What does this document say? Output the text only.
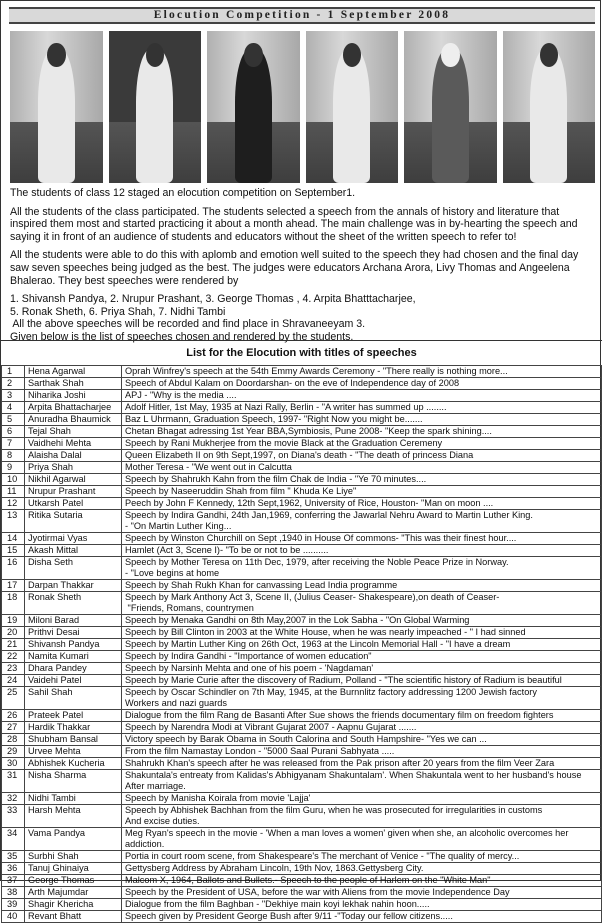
Elocution Competition - 1 September 2008

The students of class 12 staged an elocution competition on September1.

All the students of the class participated. The students selected a speech from the annals of history and literature that inspired them most and started practicing it about a month ahead. The main challenge was in by-hearting the speech and saying it in front of an audience of students and educators without the sheet of the written speech to refer to!

All the students were able to do this with aplomb and emotion well suited to the speech they had chosen and the final day saw seven speeches being judged as the best. The judges were educators Archana Arora, Livy Thomas and Angeelena Bhalerao. They best speeches were rendered by

1. Shivansh Pandya, 2. Nrupur Prashant, 3. George Thomas , 4. Arpita Bhatttacharjee,

5. Ronak Sheth, 6. Priya Shah, 7. Nidhi Tambi

All the above speeches will be recorded and find place in Shravaneeyam 3.

Given below is the list of speeches chosen and rendered by the students.

List for the Elocution with titles of speeches
1	Hena Agarwal	Oprah Winfrey's speech at the 54th Emmy Awards Ceremony - "There really is nothing more...

2	Sarthak Shah	Speech of Abdul Kalam on Doordarshan- on the eve of Independence day of 2008

3	Niharika Joshi	APJ - "Why is the media ....

4	Arpita Bhattacharjee	Adolf Hitler, 1st May, 1935 at Nazi Rally, Berlin - "A writer has summed up ........

5	Anuradha Bhaumick	Baz L Uhrmann, Graduation Speech, 1997- "Right Now you might be.......

6	Tejal Shah	Chetan Bhagat adressing 1st Year BBA,Symbiosis, Pune 2008- "Keep the spark shining....

7	Vaidhehi Mehta	Speech by Rani Mukherjee from the movie Black at the Graduation Ceremeny

8	Alaisha Dalal	Queen Elizabeth II on 9th Sept,1997, on Diana's death - "The death of princess Diana

9	Priya Shah	Mother Teresa - "We went out in Calcutta

10	Nikhil Agarwal	Speech by Shahrukh Kahn from the film Chak de India - "Ye 70 minutes....

11	Nrupur Prashant	Speech by Naseeruddin Shah from film " Khuda Ke Liye"

12	Utkarsh Patel	Peech by John F Kennedy, 12th Sept,1962, University of Rice, Houston- "Man on moon ....

13	Ritika Sutaria	Speech by Indira Gandhi, 24th Jan,1969, conferring the Jawarlal Nehru Award to Martin Luther King.
- "On Martin Luther King...

14	Jyotirmai Vyas	Speech by Winston Churchill on Sept ,1940 in House Of commons- "This was their finest hour....

15	Akash Mittal	Hamlet (Act 3, Scene I)- "To be or not to be ..........

16	Disha Seth	Speech by Mother Teresa on 11th Dec, 1979, after receiving the Noble Peace Prize in Norway.
- "Love begins at home

17	Darpan Thakkar	Speech by Shah Rukh Khan for canvassing Lead India programme

18	Ronak Sheth	Speech by Mark Anthony Act 3, Scene II, (Julius Ceaser- Shakespeare),on death of Ceaser-
"Friends, Romans, countrymen

19	Miloni Barad	Speech by Menaka Gandhi on 8th May,2007 in the Lok Sabha - "On Global Warming

20	Prithvi Desai	Speech by Bill Clinton in 2003 at the White House, when he was nearly impeached - " I had sinned

21	Shivansh Pandya	Speech by Martin Luther King on 26th Oct, 1963 at the Lincoln Memorial Hall - "I have a dream

22	Namita Kumari	Speech by Indira Gandhi - "Importance of women education"

23	Dhara Pandey	Speech by Narsinh Mehta and one of his poem - 'Nagdaman'

24	Vaidehi Patel	Speech by Marie Curie after the discovery of Radium, Polland - "The scientific history of Radium is beautiful

25	Sahil Shah	Speech by Oscar Schindler on 7th May, 1945, at the Burnnlitz factory addressing 1200 Jewish factory
Workers and nazi guards

26	Prateek Patel	Dialogue from the film Rang de Basanti After Sue shows the friends documentary film on freedom fighters

27	Hardik Thakkar	Speech by Narendra Modi at Vibrant Gujarat 2007 - Aapnu Gujarat .......

28	Shubham Bansal	Victory speech by Barak Obama in South Calorina and South Hampshire- "Yes we can ...

29	Urvee Mehta	From the film Namastay London - "5000 Saal Purani Sabhyata .....

30	Abhishek Kucheria	Shahrukh Khan's speech after he was released from the Pak prison after 20 years from the film Veer Zara

31	Nisha Sharma	Shakuntala's entreaty from Kalidas's Abhigyanam Shakuntalam'. When Shakuntala went to her husband's house
After marriage.

32	Nidhi Tambi	Speech by Manisha Koirala from movie 'Lajja'

33	Harsh Mehta	Speech by Abhishek Bachhan from the film Guru, when he was prosecuted for irregularities in customs
And excise duties.

34	Vama Pandya	Meg Ryan's speech in the movie - 'When a man loves a women' given when she, an alcoholic overcomes her addiction.

35	Surbhi Shah	Portia in court room scene, from Shakespeare's The merchant of Venice - "The quality of mercy...

36	Tanuj Ghinaiya	Gettysberg Address by Abraham Lincoln, 19th Nov, 1863.Gettysberg City.

37	George Thomas	Malcom X, 1964, Ballots and Bullets.- Speech to the people of Harlem on the "White Man"

38	Arth Majumdar	Speech by the President of USA, before the war with Aliens from the movie Independence Day

39	Shagir Khericha	Dialogue from the film Baghban - "Dekhiye main koyi lekhak nahin hoon.....

40	Revant Bhatt	Speech given by President George Bush after 9/11 -"Today our fellow citizens.....
